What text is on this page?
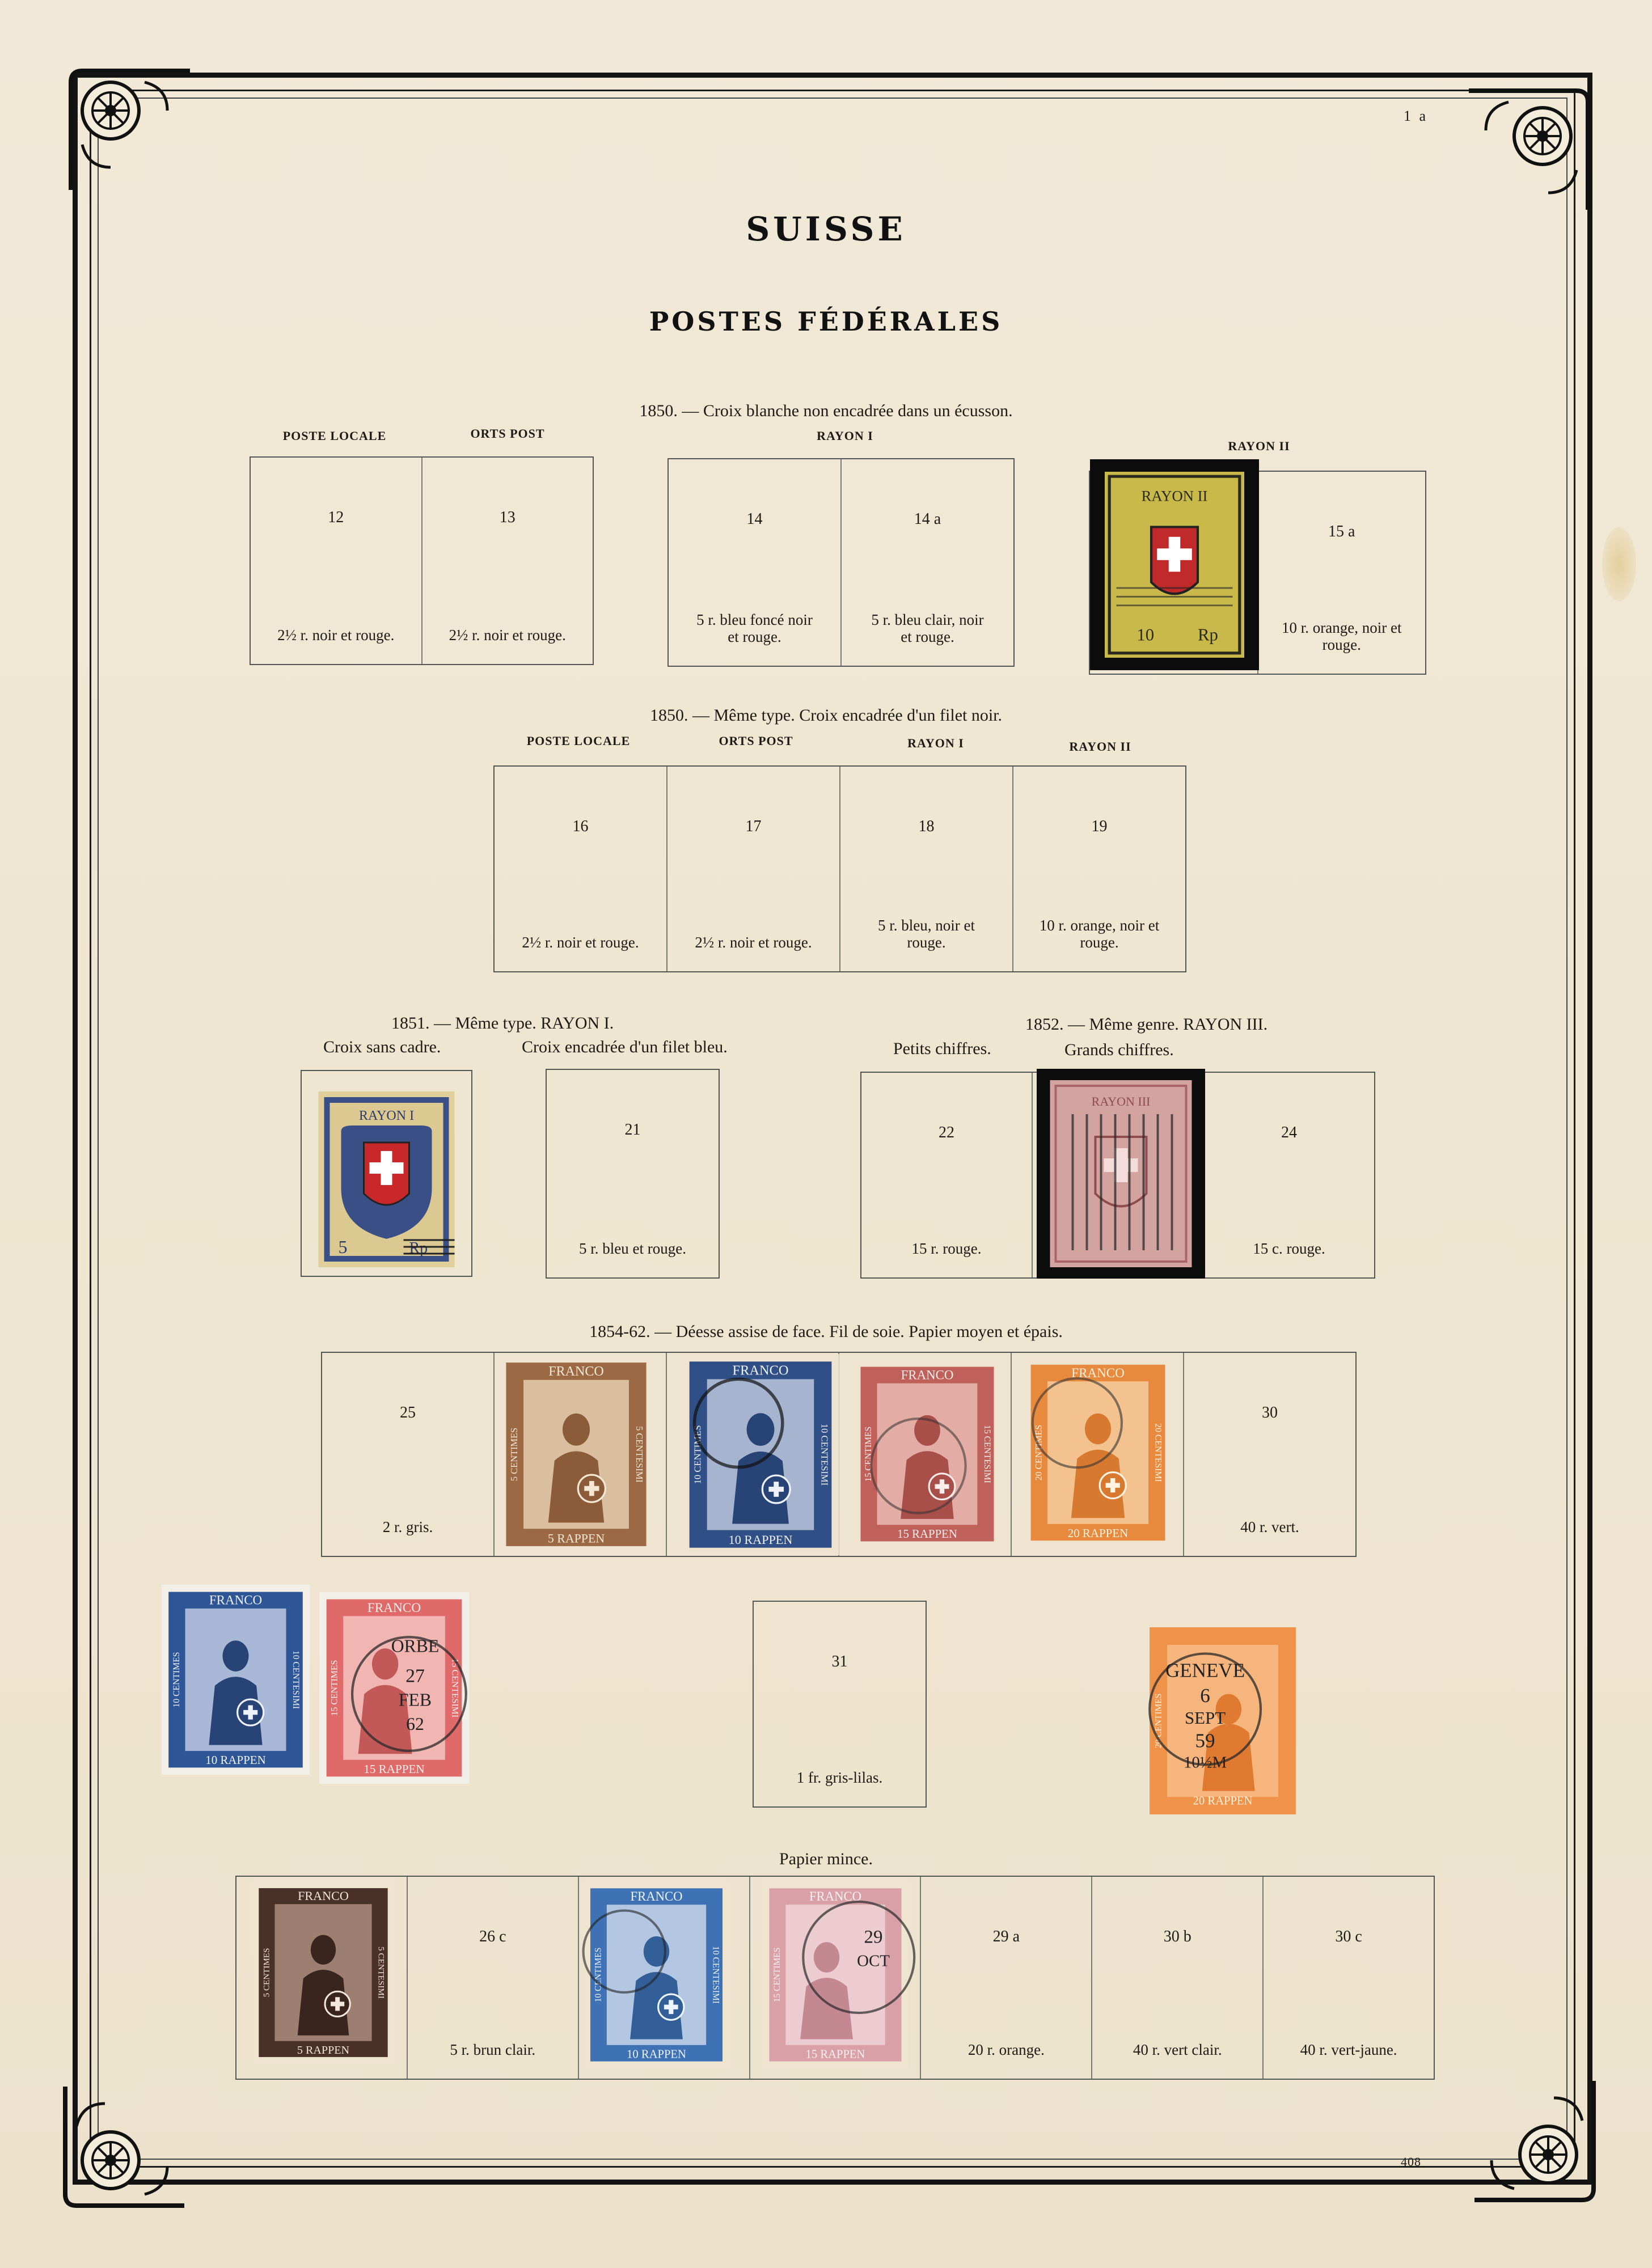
1 a
408
SUISSE
POSTES FÉDÉRALES
1850. — Croix blanche non encadrée dans un écusson.
POSTE LOCALE	ORTS POST	RAYON I
RAYON II
12
2½ r. noir et rouge.
13
2½ r. noir et rouge.
14
5 r. bleu foncé noir et rouge.
14 a
5 r. bleu clair, noir et rouge.
15 a
10 r. orange, noir et rouge.
RAYON II
10	Rp
1850. — Même type. Croix encadrée d'un filet noir.
POSTE LOCALE	ORTS POST	RAYON I	RAYON II
16
2½ r. noir et rouge.
17
2½ r. noir et rouge.
18
5 r. bleu, noir et rouge.
19
10 r. orange, noir et rouge.
1851. — Même type. RAYON I.
Croix sans cadre.	Croix encadrée d'un filet bleu.
1852. — Même genre. RAYON III.
Petits chiffres.	Grands chiffres.
RAYON I
5	Rp
21
5 r. bleu et rouge.
22
15 r. rouge.
24
15 c. rouge.
RAYON III
1854-62. — Déesse assise de face. Fil de soie. Papier moyen et épais.
25
2 r. gris.
30
40 r. vert.
FRANCO
5 RAPPEN
5 CENTIMES	5 CENTESIMI
FRANCO
10 RAPPEN
10 CENTIMES	10 CENTESIMI
FRANCO
15 RAPPEN
15 CENTIMES	15 CENTESIMI
FRANCO
20 RAPPEN
20 CENTIMES	20 CENTESIMI
FRANCO
10 RAPPEN
10 CENTIMES	10 CENTESIMI
FRANCO
15 RAPPEN
15 CENTIMES	15 CENTESIMI
ORBE
27
FEB
62
31
1 fr. gris-lilas.
20 RAPPEN
20 CENTIMES
GENEVE
6
SEPT
59
10½M
Papier mince.
26 c
5 r. brun clair.
29 a
20 r. orange.
30 b
40 r. vert clair.
30 c
40 r. vert-jaune.
FRANCO
5 RAPPEN
5 CENTIMES	5 CENTESIMI
FRANCO
10 RAPPEN
10 CENTIMES	10 CENTESIMI
FRANCO
15 RAPPEN
15 CENTIMES
29
OCT
